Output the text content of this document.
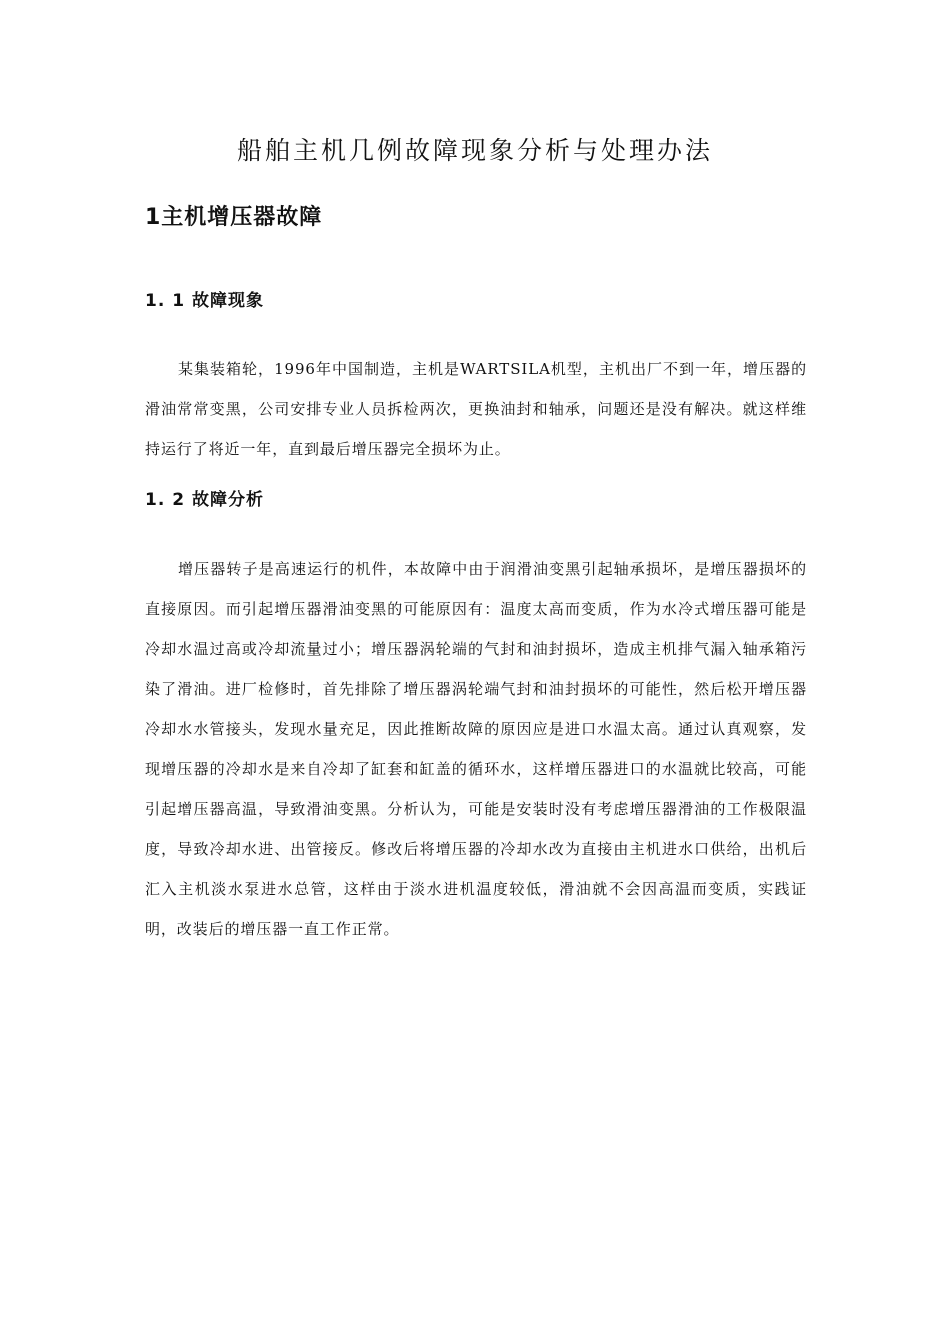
船舶主机几例故障现象分析与处理办法
1主机增压器故障
1. 1 故障现象

某集装箱轮，1996年中国制造，主机是WARTSILA机型，主机出厂不到一年，增压器的滑油常常变黑，公司安排专业人员拆检两次，更换油封和轴承，问题还是没有解决。就这样维持运行了将近一年，直到最后增压器完全损坏为止。

1. 2 故障分析

增压器转子是高速运行的机件，本故障中由于润滑油变黑引起轴承损坏，是增压器损坏的直接原因。而引起增压器滑油变黑的可能原因有：温度太高而变质，作为水冷式增压器可能是冷却水温过高或冷却流量过小；增压器涡轮端的气封和油封损坏，造成主机排气漏入轴承箱污染了滑油。进厂检修时，首先排除了增压器涡轮端气封和油封损坏的可能性，然后松开增压器冷却水水管接头，发现水量充足，因此推断故障的原因应是进口水温太高。通过认真观察，发现增压器的冷却水是来自冷却了缸套和缸盖的循环水，这样增压器进口的水温就比较高，可能引起增压器高温，导致滑油变黑。分析认为，可能是安装时没有考虑增压器滑油的工作极限温度，导致冷却水进、出管接反。修改后将增压器的冷却水改为直接由主机进水口供给，出机后汇入主机淡水泵进水总管，这样由于淡水进机温度较低，滑油就不会因高温而变质，实践证明，改装后的增压器一直工作正常。
